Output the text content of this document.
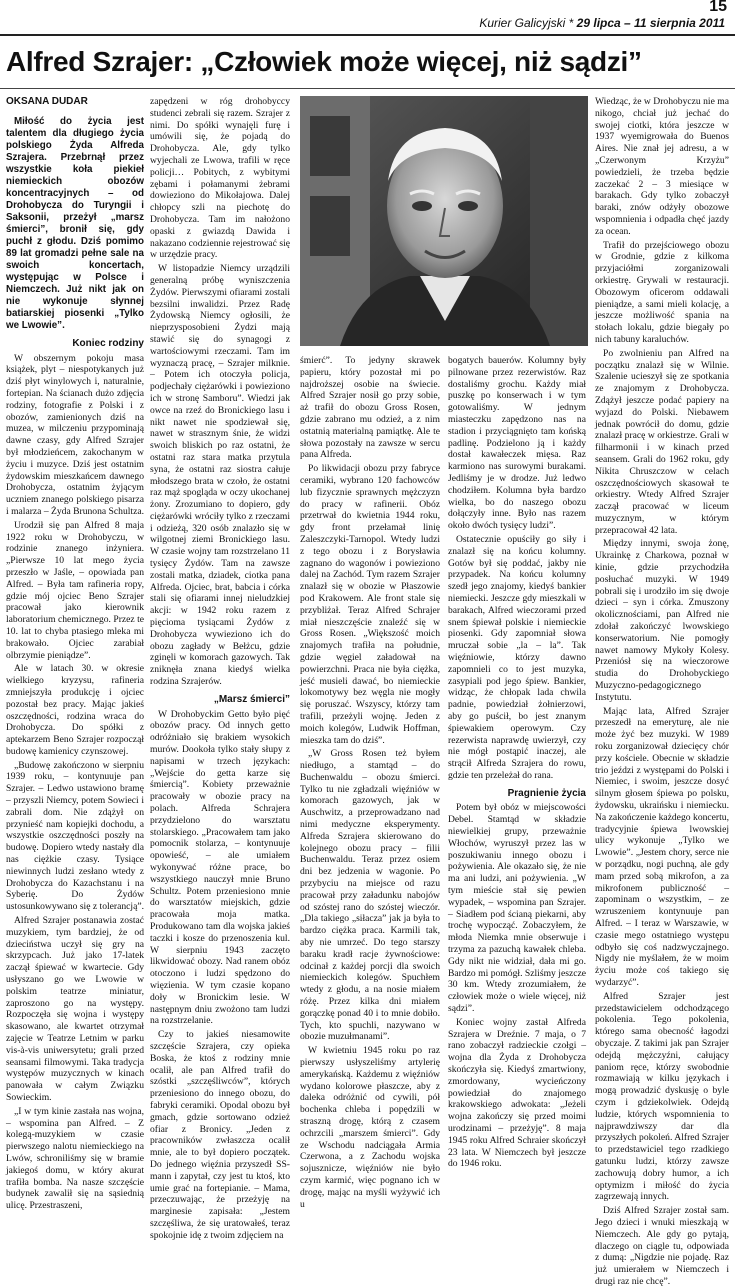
15
Kurier Galicyjski * 29 lipca – 11 sierpnia 2011
Alfred Szrajer: „Człowiek może więcej, niż sądzi”
OKSANA DUDAR

Miłość do życia jest talentem dla długiego życia polskiego Żyda Alfreda Szrajera. Przebrnął przez wszystkie koła piekieł niemieckich obozów koncentracyjnych – od Drohobycza do Turyngii i Saksonii, przeżył „marsz śmierci”, bronił się, gdy puchł z głodu. Dziś pomimo 89 lat gromadzi pełne sale na swoich koncertach, występując w Polsce i Niemczech. Już nikt jak on nie wykonuje słynnej batiarskiej piosenki „Tylko we Lwowie”.

Koniec rodziny

W obszernym pokoju masa książek, plyt – niespotykanych już dziś płyt winylowych i, naturalnie, fortepian. Na ścianach dużo zdjęcia rodziny, fotografie z Polski i z obozów, zamienionych dziś na muzea, w milczeniu przypominają dawne czasy, gdy Alfred Szrajer był młodzieńcem, zakochanym w życiu i muzyce. Dziś jest ostatnim żydowskim mieszkańcem dawnego Drohobycza, ostatnim żyjącym uczniem znanego polskiego pisarza i malarza – Żyda Brunona Schultza.

Urodził się pan Alfred 8 maja 1922 roku w Drohobyczu, w rodzinie znanego inżyniera. „Pierwsze 10 lat mego życia przeszło w Jaśle, – opowiada pan Alfred. – Była tam rafineria ropy, gdzie mój ojciec Beno Szrajer pracował jako kierownik laboratorium chemicznego. Przez te 10. lat to chyba ptasiego mleka mi brakowało. Ojciec zarabiał olbrzymie pieniądze”.

Ale w latach 30. w okresie wielkiego kryzysu, rafineria zmniejszyła produkcję i ojciec pozostał bez pracy. Mając jakieś oszczędności, rodzina wraca do Drohobycza. Do spółki z aptekarzem Beno Szrajer rozpoczął budowę kamienicy czynszowej.

„Budowę zakończono w sierpniu 1939 roku, – kontynuuje pan Szrajer. – Ledwo ustawiono bramę – przyszli Niemcy, potem Sowieci i zabrali dom. Nie zdążył on przynieść nam kopiejki dochodu, a wszystkie oszczędności poszły na budowę. Dopiero wtedy nastały dla nas ciężkie czasy. Tysiące niewinnych ludzi zesłano wtedy z Drohobycza do Kazachstanu i na Syberię. Do Żydów ustosunkowywano się z tolerancją”.

Alfred Szrajer postanawia zostać muzykiem, tym bardziej, że od dzieciństwa uczył się gry na skrzypcach. Już jako 17-latek zaczął śpiewać w kwartecie. Gdy usłyszano go we Lwowie w polskim teatrze miniatur, zaproszono go na występy. Rozpoczęła się wojna i występy skasowano, ale kwartet otrzymał zajęcie w Teatrze Letnim w parku vis-à-vis uniwersytetu; grali przed seansami filmowymi. Taka tradycja występów muzycznych w kinach panowała w całym Związku Sowieckim.

„I w tym kinie zastała nas wojna, – wspomina pan Alfred. – Z kolegą-muzykiem w czasie pierwszego nalotu niemieckiego na Lwów, schroniliśmy się w bramie jakiegoś domu, w który akurat trafiła bomba. Na nasze szczęście budynek zawalił się na sąsiednią ulicę. Przestraszeni,

zapędzeni w róg drohobyccy studenci zebrali się razem. Szrajer z nimi. Do spółki wynajęli furę i umówili się, że pojadą do Drohobycza. Ale, gdy tylko wyjechali ze Lwowa, trafili w ręce policji… Pobitych, z wybitymi zębami i połamanymi żebrami dowieziono do Mikołajowa. Dalej chłopcy szli na piechotę do Drohobycza. Tam im nałożono opaski z gwiazdą Dawida i nakazano codziennie rejestrować się w urzędzie pracy.

W listopadzie Niemcy urządzili generalną próbę wyniszczenia Żydów. Pierwszymi ofiarami zostali bezsilni inwalidzi. Przez Radę Żydowską Niemcy ogłosili, że nieprzysposobieni Żydzi mają stawić się do synagogi z wartościowymi rzeczami. Tam im wyznaczą pracę, – Szrajer milknie. – Potem ich otoczyła policja, podjechały ciężarówki i powieziono ich w stronę Samboru”. Wiedzi jak owce na rzeź do Bronickiego lasu i nikt nawet nie spodziewał się, nawet w strasznym śnie, że widzi swoich bliskich po raz ostatni, że ostatni raz stara matka przytula syna, że ostatni raz siostra całuje młodszego brata w czoło, że ostatni raz mąż spogląda w oczy ukochanej żony. Zrozumiano to dopiero, gdy ciężarówki wróciły tylko z rzeczami i odzieżą, 320 osób znalazło się w wilgotnej ziemi Bronickiego lasu. W czasie wojny tam rozstrzelano 11 tysięcy Żydów. Tam na zawsze zostali matka, dziadek, ciotka pana Alfreda. Ojciec, brat, babcia i córka stali się ofiarami innej nieludzkiej akcji: w 1942 roku razem z pięcioma tysiącami Żydów z Drohobycza wywieziono ich do obozu zagłady w Bełżcu, gdzie zginęli w komorach gazowych. Tak zniknęła znana kiedyś wielka rodzina Szrajerów.

„Marsz śmierci”

W Drohobyckim Getto było pięć obozów pracy. Od innych getto odróżniało się brakiem wysokich murów. Dookoła tylko stały słupy z napisami w trzech językach: „Wejście do getta karze się śmiercią”. Kobiety przeważnie pracowały w obozie pracy na polach. Alfreda Schrajera przydzielono do warsztatu stolarskiego. „Pracowałem tam jako pomocnik stolarza, – kontynuuje opowieść, – ale umiałem wykonywać różne prace, bo wszystkiego nauczył mnie Bruno Schultz. Potem przeniesiono mnie do warsztatów miejskich, gdzie pracowała moja matka. Produkowano tam dla wojska jakieś taczki i kosze do przenoszenia kul. W sierpniu 1943 zaczęto likwidować obozy. Nad ranem obóz otoczono i ludzi spędzono do więzienia. W tym czasie kopano doły w Bronickim lesie. W następnym dniu zwożono tam ludzi na rozstrzelanie.

Czy to jakieś niesamowite szczęście Szrajera, czy opieka Boska, że ktoś z rodziny mnie ocalił, ale pan Alfred trafił do szóstki „szczęśliwców”, których przeniesiono do innego obozu, do fabryki ceramiki. Opodal obozu był gmach, gdzie sortowano odzież ofiar z Bronicy. „Jeden z pracowników zwłaszcza ocalił mnie, ale to był dopiero początek. Do jednego więźnia przyszedł SS-mann i zapytał, czy jest tu ktoś, kto umie grać na fortepianie. – Mama, przeczuwając, że przeżyję na marginesie zapisała: „Jestem szczęśliwa, że się uratowałeś, teraz spokojnie idę z twoim zdjęciem na

śmierć”. To jedyny skrawek papieru, który pozostał mi po najdroższej osobie na świecie. Alfred Szrajer nosił go przy sobie, aż trafił do obozu Gross Rosen, gdzie zabrano mu odzież, a z nim ostatnią materialną pamiątkę. Ale te słowa pozostały na zawsze w sercu pana Alfreda.

Po likwidacji obozu przy fabryce ceramiki, wybrano 120 fachowców lub fizycznie sprawnych mężczyzn do pracy w rafinerii. Obóz przetrwał do kwietnia 1944 roku, gdy front przełamał linię Zaleszczyki-Tarnopol. Wtedy ludzi z tego obozu i z Borysławia zagnano do wagonów i powieziono dalej na Zachód. Tym razem Szrajer znalazł się w obozie w Płaszowie pod Krakowem. Ale front stale się przybliżał. Teraz Alfred Schrajer miał nieszczęście znaleźć się w Gross Rosen. „Większość moich znajomych trafiła na południe, gdzie węgiel załadował na powierzchni. Praca nie była ciężka, jeść musieli dawać, bo niemieckie lokomotywy bez węgla nie mogły się poruszać. Wszyscy, którzy tam trafili, przeżyli wojnę. Jeden z moich kolegów, Ludwik Hoffman, mieszka tam do dziś”.

„W Gross Rosen też byłem niedługo, a stamtąd – do Buchenwaldu – obozu śmierci. Tylko tu nie zgładzali więźniów w komorach gazowych, jak w Auschwitz, a przeprowadzano nad nimi medyczne eksperymenty. Alfreda Szrajera skierowano do kolejnego obozu pracy – filii Buchenwaldu. Teraz przez osiem dni bez jedzenia w wagonie. Po przybyciu na miejsce od razu pracował przy załadunku nabojów od szóstej rano do szóstej wieczór. „Dla takiego „siłacza” jak ja była to bardzo ciężka praca. Karmili tak, aby nie umrzeć. Do tego starszy baraku kradł racje żywnościowe: odcinał z każdej porcji dla swoich niemieckich kolegów. Spuchłem wtedy z głodu, a na nosie miałem różę. Przez kilka dni miałem gorączkę ponad 40 i to mnie dobiło. Tych, kto spuchli, nazywano w obozie muzułmanami”.

W kwietniu 1945 roku po raz pierwszy usłyszeliśmy artylerię amerykańską. Każdemu z więźniów wydano kolorowe płaszcze, aby z daleka odróżnić od cywili, pół bochenka chleba i popędzili w straszną drogę, którą z czasem ochrzcili „marszem śmierci”. Gdy ze Wschodu nadciągała Armia Czerwona, a z Zachodu wojska sojusznicze, więźniów nie było czym karmić, więc pognano ich w drogę, mając na myśli wyżywić ich u

bogatych bauerów. Kolumny były pilnowane przez rezerwistów. Raz dostaliśmy grochu. Każdy miał puszkę po konserwach i w tym gotowaliśmy. W jednym miasteczku zapędzono nas na stadion i przyciągnięto tam końską padlinę. Podzielono ją i każdy dostał kawałeczek mięsa. Raz karmiono nas surowymi burakami. Jedliśmy je w drodze. Już ledwo chodziłem. Kolumna była bardzo wielka, bo do naszego obozu dołączyły inne. Było nas razem około dwóch tysięcy ludzi”.

Ostatecznie opuściły go siły i znalazł się na końcu kolumny. Gotów był się poddać, jakby nie przypadek. Na końcu kolumny szedł jego znajomy, kiedyś bankier niemiecki. Jeszcze gdy mieszkali w barakach, Alfred wieczorami przed snem śpiewał polskie i niemieckie piosenki. Gdy zapomniał słowa mruczał sobie „la – la”. Tak więźniowie, którzy dawno zapomnieli co to jest muzyka, zasypiali pod jego śpiew. Bankier, widząc, że chłopak lada chwila padnie, powiedział żołnierzowi, aby go puścił, bo jest znanym śpiewakiem operowym. Czy rezerwista naprawdę uwierzył, czy nie mógł postąpić inaczej, ale strącił Alfreda Szrajera do rowu, gdzie ten przeleżał do rana.

Pragnienie życia

Potem był obóz w miejscowości Debel. Stamtąd w składzie niewielkiej grupy, przeważnie Włochów, wyruszył przez las w poszukiwaniu innego obozu i pożywienia. Ale okazało się, że nie ma ani ludzi, ani pożywienia. „W tym mieście stał się pewien wypadek, – wspomina pan Szrajer. – Siadłem pod ścianą piekarni, aby trochę wypocząć. Zobaczyłem, że młoda Niemka mnie obserwuje i trzyma za pazuchą kawałek chleba. Gdy nikt nie widział, dała mi go. Bardzo mi pomógł. Szliśmy jeszcze 30 km. Wtedy zrozumiałem, że człowiek może o wiele więcej, niż sądzi”.

Koniec wojny zastał Alfreda Szrajera w Dreźnie. 7 maja, o 7 rano zobaczył radzieckie czołgi – wojna dla Żyda z Drohobycza skończyła się. Kiedyś zmartwiony, zmordowany, wycieńczony powiedział do znajomego krakowskiego adwokata: „Jeżeli wojna zakończy się przed moimi urodzinami – przeżyję”. 8 maja 1945 roku Alfred Schraier skończył 23 lata. W Niemczech był jeszcze do 1946 roku.

Wiedząc, że w Drohobyczu nie ma nikogo, chciał już jechać do swojej ciotki, która jeszcze w 1937 wyemigrowała do Buenos Aires. Nie znał jej adresu, a w „Czerwonym Krzyżu” powiedzieli, że trzeba będzie zaczekać 2 – 3 miesiące w barakach. Gdy tylko zobaczył baraki, znów odżyły obozowe wspomnienia i odpadła chęć jazdy za ocean.

Trafił do przejściowego obozu w Grodnie, gdzie z kilkoma przyjaciółmi zorganizowali orkiestrę. Grywali w restauracji. Obozowym oficerom oddawali pieniądze, a sami mieli kolację, a jeszcze możliwość spania na stołach lokalu, gdzie biegały po nich tabuny karaluchów.

Po zwolnieniu pan Alfred na początku znalazł się w Wilnie. Szalenie ucieszył się ze spotkania ze znajomym z Drohobycza. Zdążył jeszcze podać papiery na wyjazd do Polski. Niebawem jednak powrócił do domu, gdzie znalazł pracę w orkiestrze. Grali w filharmonii i w kinach przed seansem. Grali do 1962 roku, gdy Nikita Chruszczow w celach oszczędnościowych skasował te orkiestry. Wtedy Alfred Szrajer zaczął pracować w liceum muzycznym, w którym przepracował 42 lata.

Między innymi, swoja żonę, Ukrainkę z Charkowa, poznał w kinie, gdzie przychodziła posłuchać muzyki. W 1949 pobrali się i urodziło im się dwoje dzieci – syn i córka. Zmuszony okolicznościami, pan Alfred nie zdołał zakończyć lwowskiego konserwatorium. Nie pomogły nawet namowy Mykoły Kolesy. Przeniósł się na wieczorowe studia do Drohobyckiego Muzyczno-pedagogicznego Instytutu.

Mając lata, Alfred Szrajer przeszedł na emeryturę, ale nie może żyć bez muzyki. W 1989 roku zorganizował dziecięcy chór przy kościele. Obecnie w składzie trio jeździ z występami do Polski i Niemiec, i swoim, jeszcze dosyć silnym głosem śpiewa po polsku, żydowsku, ukraińsku i niemiecku. Na zakończenie każdego koncertu, tradycyjnie śpiewa lwowskiej ulicy wykonuje „Tylko we Lwowie”. „Jestem chory, serce nie w porządku, nogi puchną, ale gdy mam przed sobą mikrofon, a za mikrofonem publiczność – zapominam o wszystkim, – ze wzruszeniem kontynuuje pan Alfred. – I teraz w Warszawie, w czasie mego ostatniego występu odbyło się coś nadzwyczajnego. Nigdy nie myślałem, że w moim życiu może coś takiego się wydarzyć”.

Alfred Szrajer jest przedstawicielem odchodzącego pokolenia. Tego pokolenia, którego sama obecność łagodzi obyczaje. Z takimi jak pan Szrajer odejdą mężczyźni, całujący paniom ręce, którzy swobodnie rozmawiają w kilku językach i mogą prowadzić dyskusję o byle czym i gdziekolwiek. Odejdą ludzie, których wspomnienia to najprawdziwszy dar dla przyszłych pokoleń. Alfred Szrajer to przedstawiciel tego rzadkiego gatunku ludzi, którzy zawsze zachowują dobry humor, a ich optymizm i miłość do życia zagrzewają innych.

Dziś Alfred Szrajer został sam. Jego dzieci i wnuki mieszkają w Niemczech. Ale gdy go pytają, dlaczego on ciągle tu, odpowiada z dumą: „Nigdzie nie pojadę. Raz już umierałem w Niemczech i drugi raz nie chcę”.
